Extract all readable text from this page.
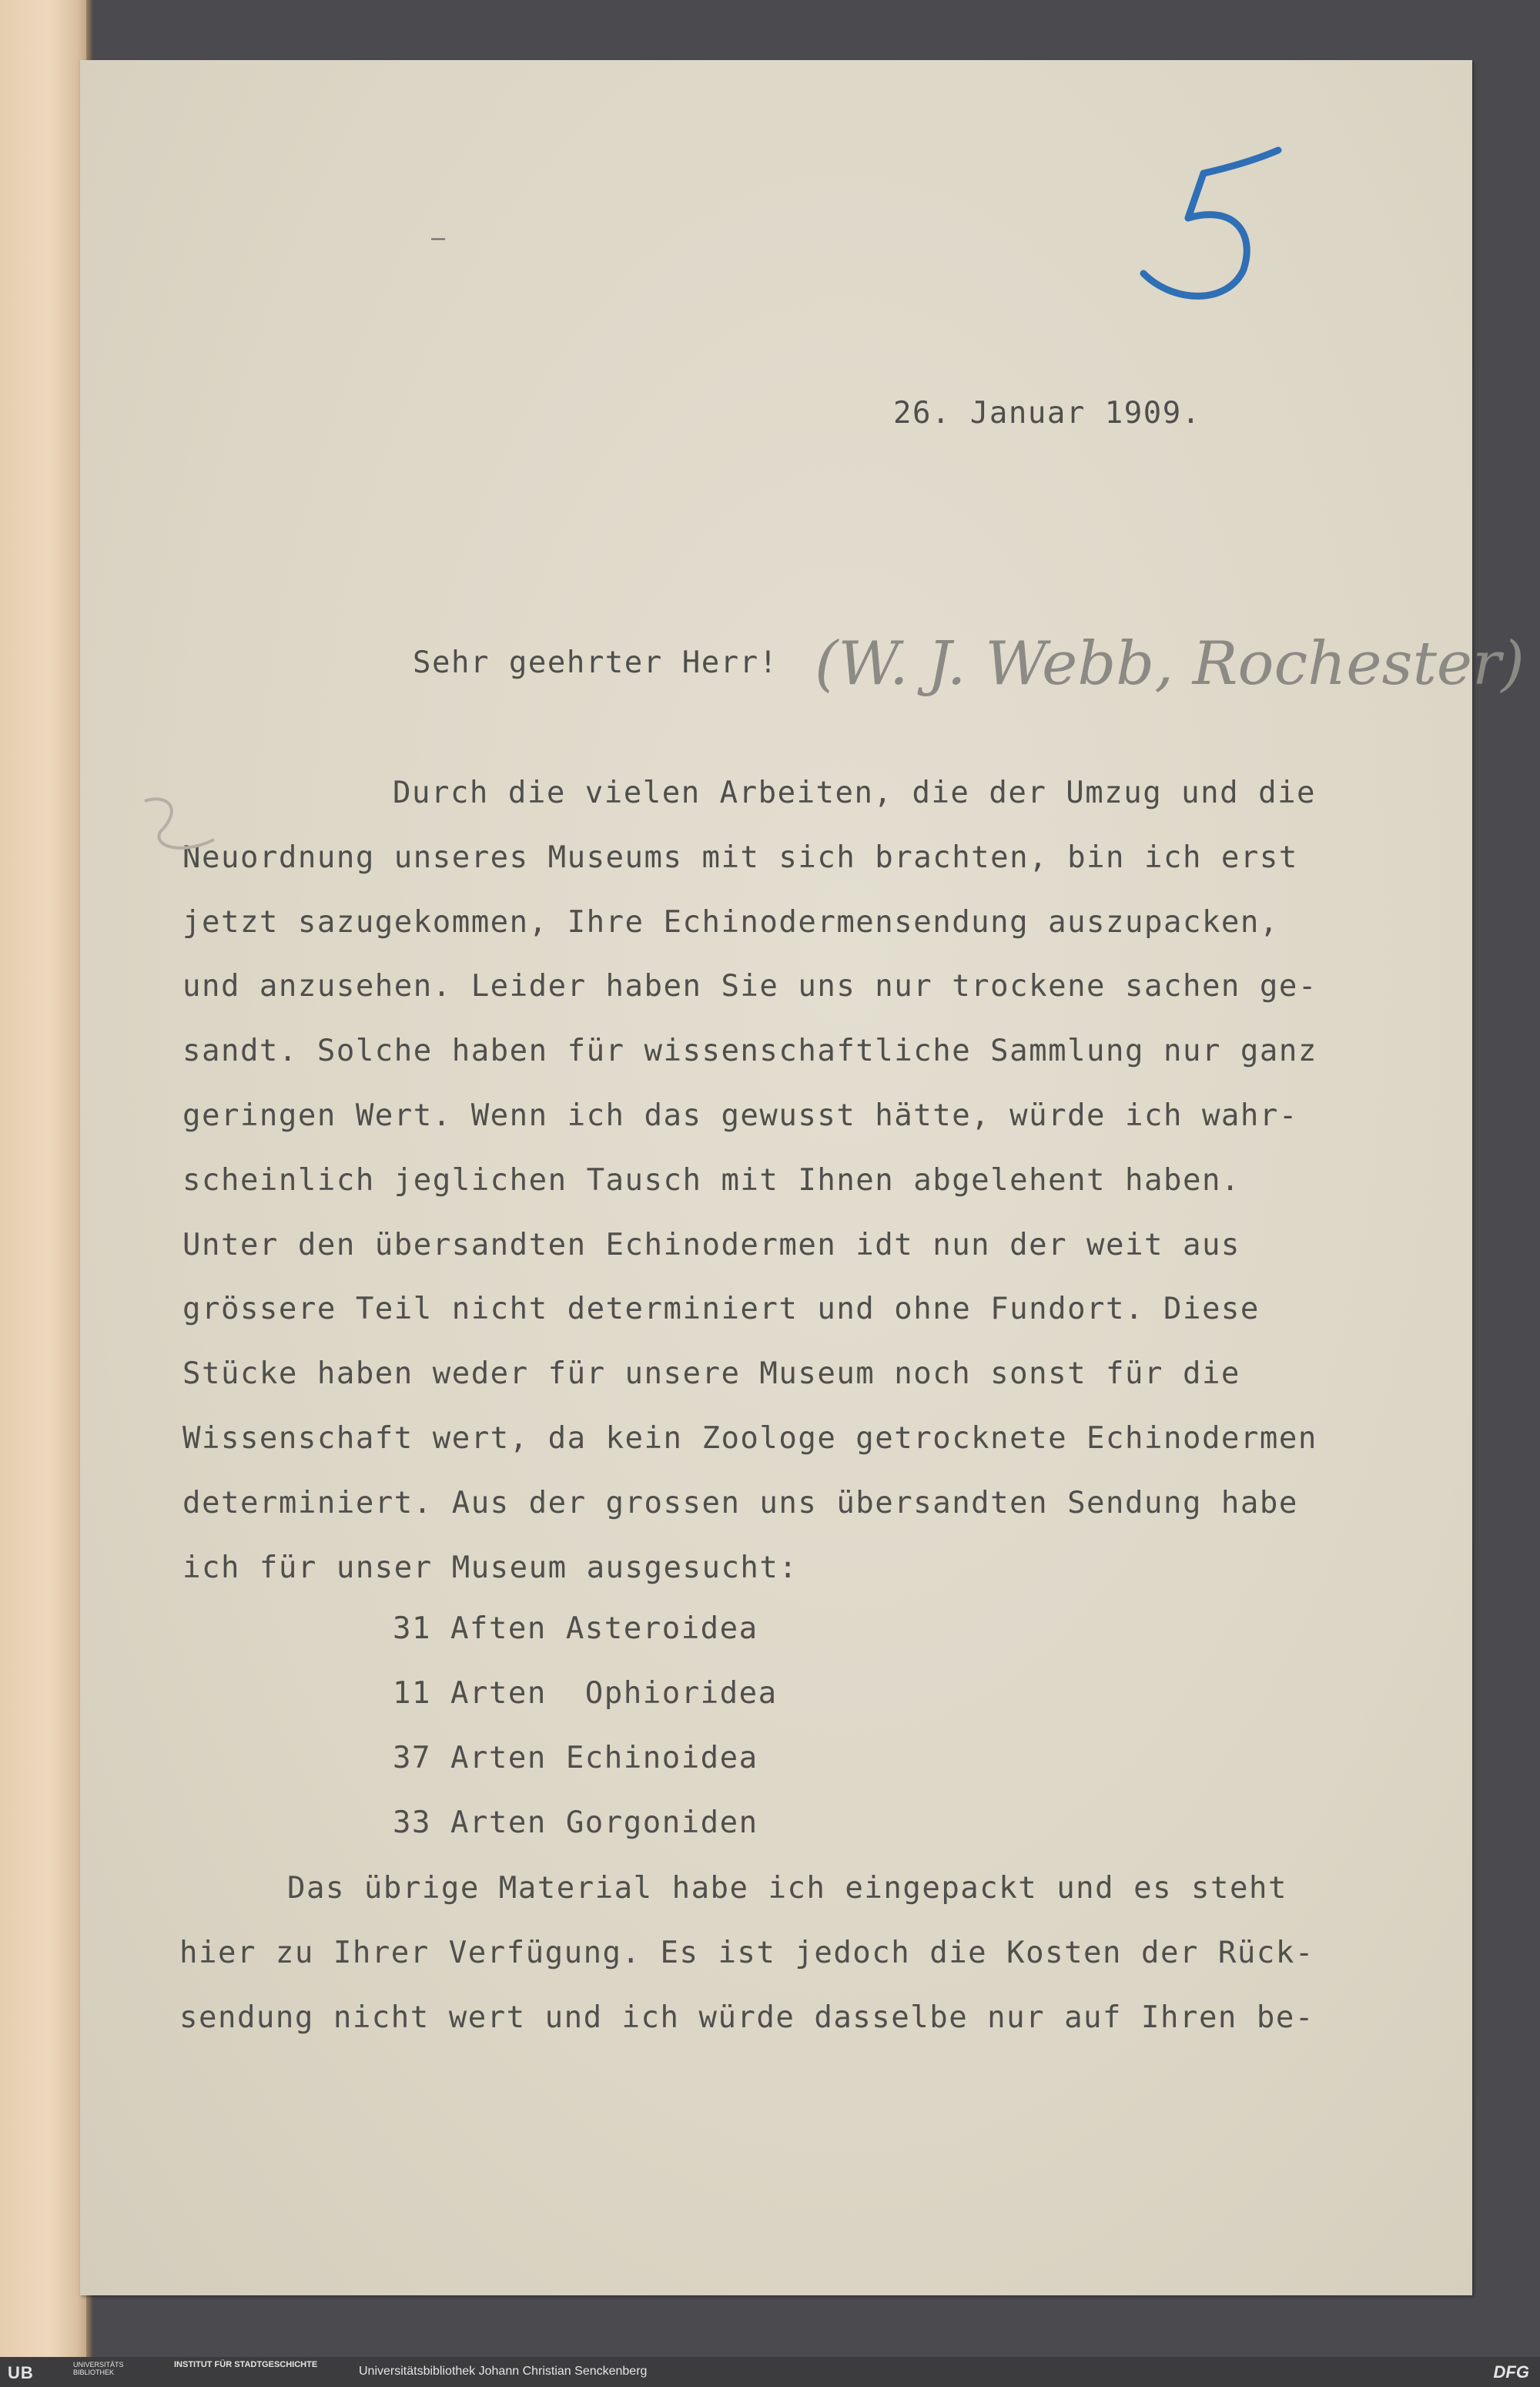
—
26. Januar 1909.
(W. J. Webb, Rochester)
Sehr geehrter Herr!
Durch die vielen Arbeiten, die der Umzug und die
Neuordnung unseres Museums mit sich brachten, bin ich erst
jetzt sazugekommen, Ihre Echinodermensendung auszupacken,
und anzusehen. Leider haben Sie uns nur trockene sachen ge-
sandt. Solche haben für wissenschaftliche Sammlung nur ganz
geringen Wert. Wenn ich das gewusst hätte, würde ich wahr-
scheinlich jeglichen Tausch mit Ihnen abgelehent haben.
Unter den übersandten Echinodermen idt nun der weit aus
grössere Teil nicht determiniert und ohne Fundort. Diese
Stücke haben weder für unsere Museum noch sonst für die
Wissenschaft wert, da kein Zoologe getrocknete Echinodermen
determiniert. Aus der grossen uns übersandten Sendung habe
ich für unser Museum ausgesucht:
31 Aften Asteroidea
11 Arten  Ophioridea
37 Arten Echinoidea
33 Arten Gorgoniden
Das übrige Material habe ich eingepackt und es steht
hier zu Ihrer Verfügung. Es ist jedoch die Kosten der Rück-
sendung nicht wert und ich würde dasselbe nur auf Ihren be-
UB	UNIVERSITÄTS BIBLIOTHEK
INSTITUT FÜR STADTGESCHICHTE	Universitätsbibliothek Johann Christian Senckenberg	DFG
